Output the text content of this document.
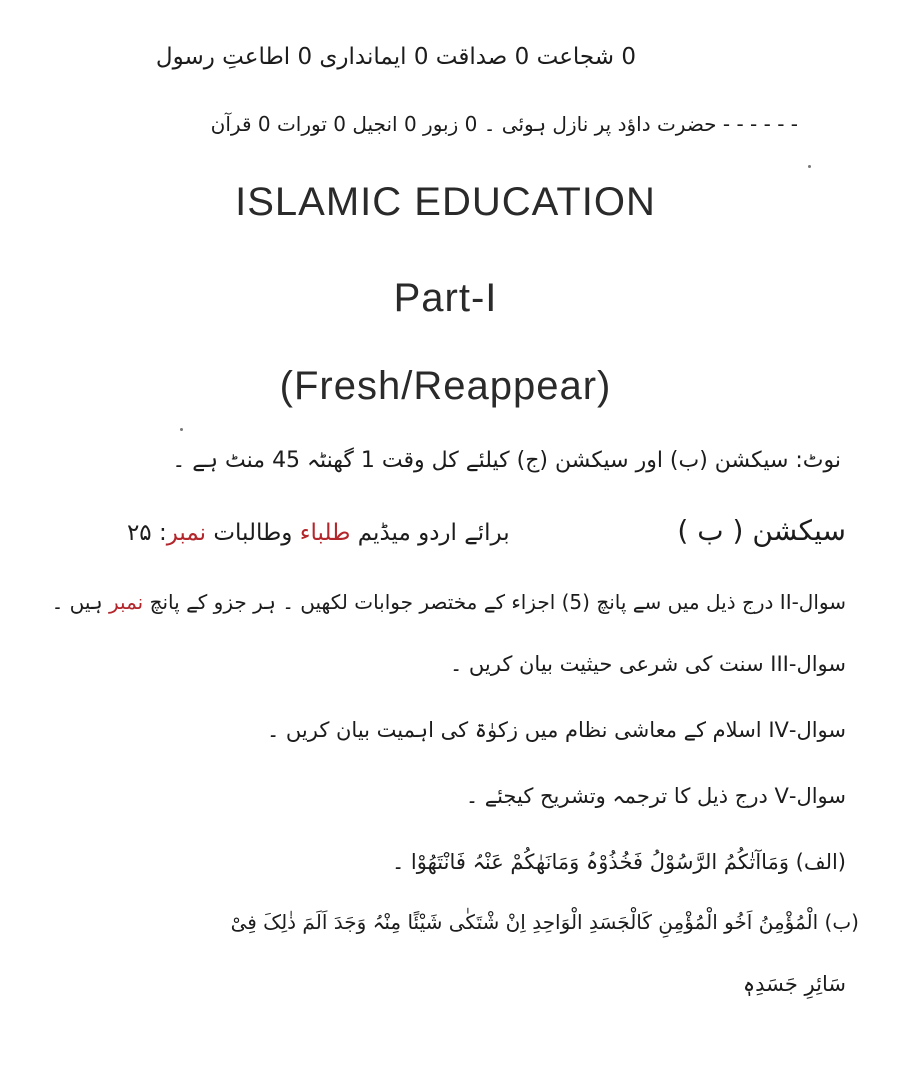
0 شجاعت 0 صداقت 0 ایمانداری 0 اطاعتِ رسول
- - - - - - حضرت داؤد پر نازل ہوئی ۔ 0 زبور 0 انجیل 0 تورات 0 قرآن
ISLAMIC EDUCATION
Part-I
(Fresh/Reappear)
نوٹ: سیکشن (ب) اور سیکشن (ج) کیلئے کل وقت 1 گھنٹہ 45 منٹ ہے ۔
سیکشن ( ب )  برائے اردو میڈیم طلباء وطالبات نمبر: ۲۵
سوال-II درج ذیل میں سے پانچ (5) اجزاء کے مختصر جوابات لکھیں ۔ ہر جزو کے پانچ نمبر ہیں ۔
سوال-III سنت کی شرعی حیثیت بیان کریں ۔
سوال-IV اسلام کے معاشی نظام میں زکوٰۃ کی اہمیت بیان کریں ۔
سوال-V درج ذیل کا ترجمہ وتشریح کیجئے ۔
(الف) وَمَاآتٰکُمُ الرَّسُوْلُ فَخُذُوْہُ وَمَانَھٰکُمْ عَنْہُ فَانْتَھُوْا ۔
(ب) الْمُؤْمِنُ اَخُو الْمُؤْمِنِ کَالْجَسَدِ الْوَاحِدِ اِنْ شْتَکٰی شَیْئًا مِنْہُ وَجَدَ اَلَمَ ذٰلِکَ فِیْ
سَائِرِ جَسَدِہٖ
